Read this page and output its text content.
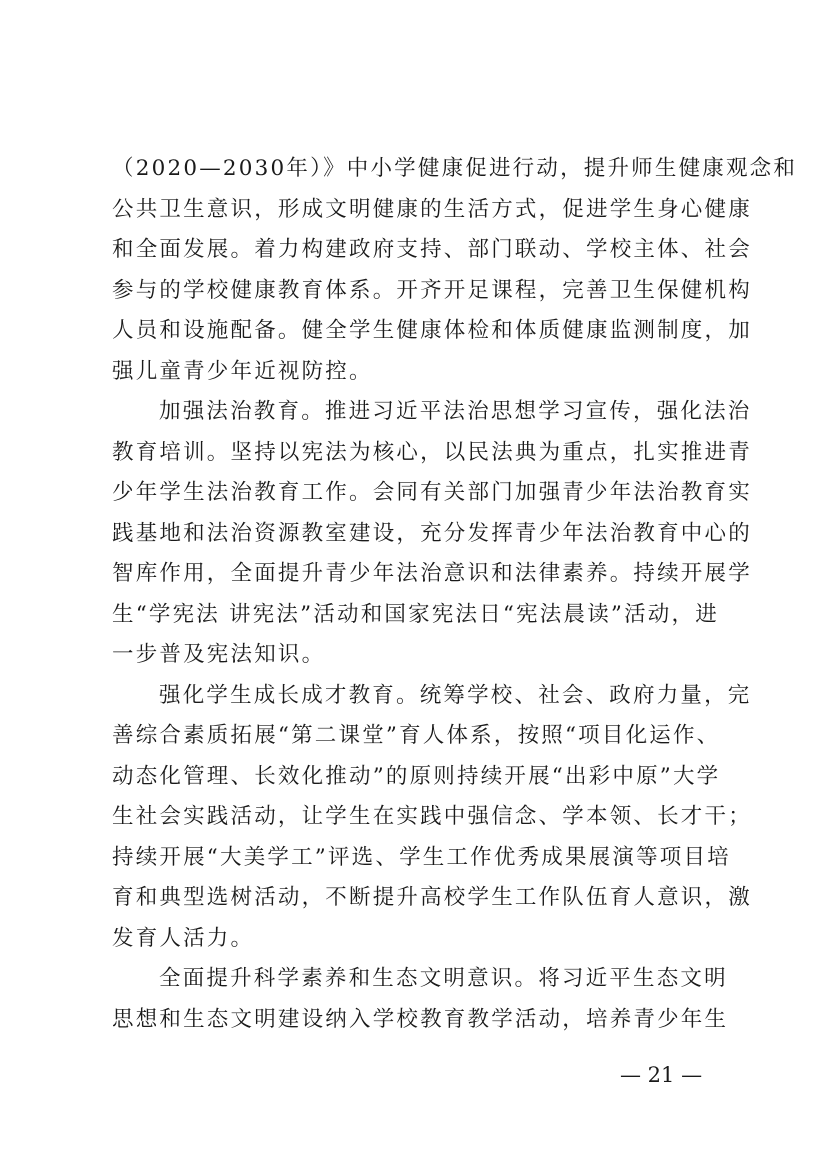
（2020—2030年）》中小学健康促进行动，提升师生健康观念和
公共卫生意识，形成文明健康的生活方式，促进学生身心健康
和全面发展。着力构建政府支持、部门联动、学校主体、社会
参与的学校健康教育体系。开齐开足课程，完善卫生保健机构
人员和设施配备。健全学生健康体检和体质健康监测制度，加
强儿童青少年近视防控。

加强法治教育。推进习近平法治思想学习宣传，强化法治
教育培训。坚持以宪法为核心，以民法典为重点，扎实推进青
少年学生法治教育工作。会同有关部门加强青少年法治教育实
践基地和法治资源教室建设，充分发挥青少年法治教育中心的
智库作用，全面提升青少年法治意识和法律素养。持续开展学
生“学宪法 讲宪法”活动和国家宪法日“宪法晨读”活动，进
一步普及宪法知识。

强化学生成长成才教育。统筹学校、社会、政府力量，完
善综合素质拓展“第二课堂”育人体系，按照“项目化运作、
动态化管理、长效化推动”的原则持续开展“出彩中原”大学
生社会实践活动，让学生在实践中强信念、学本领、长才干；
持续开展“大美学工”评选、学生工作优秀成果展演等项目培
育和典型选树活动，不断提升高校学生工作队伍育人意识，激
发育人活力。

全面提升科学素养和生态文明意识。将习近平生态文明
思想和生态文明建设纳入学校教育教学活动，培养青少年生

— 21 —
